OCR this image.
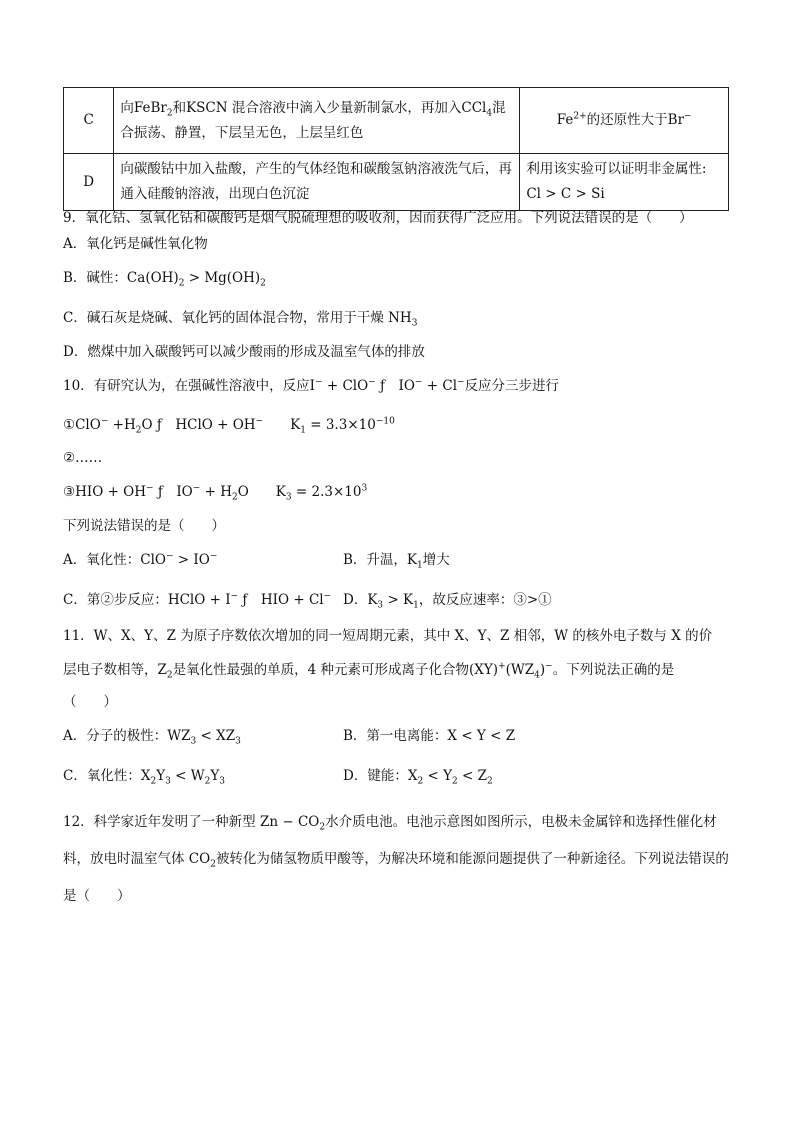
C	向FeBr$_2$和KSCN 混合溶液中滴入少量新制氯水，再加入CCl$_4$混合振荡、静置，下层呈无色，上层呈红色	$Fe^{2+}$的还原性大于Br−
D	向碳酸钴中加入盐酸，产生的气体经饱和碳酸氢钠溶液洗气后，再通入硅酸钠溶液，出现白色沉淀	利用该实验可以证明非金属性:
Cl > C > Si
9．氧化钴、氢氧化钴和碳酸钙是烟气脱硫理想的吸收剂，因而获得广泛应用。下列说法错误的是（　　）
A．氧化钙是碱性氧化物
B．碱性：$Ca(OH)_2 > Mg(OH)_2$
C．碱石灰是烧碱、氧化钙的固体混合物，常用于干燥 $NH_3$
D．燃煤中加入碳酸钙可以减少酸雨的形成及温室气体的排放
10．有研究认为，在强碱性溶液中，反应I− + ClO− ƒ　IO− + Cl−反应分三步进行
①ClO− $+H_2O$ ƒ　HClO + OH−　　$K_1 = 3.3\times 10^{-10}$
②……
③HIO + OH− ƒ　$IO^- + H_2O$　　$K_3 = 2.3\times 10^3$
下列说法错误的是（　　）
A．氧化性：ClO− > IO−	B．升温，$K_1$增大
C．第②步反应：HClO + I− ƒ　HIO + Cl− D．$K_3 > K_1$，故反应速率：③>①
11．W、X、Y、Z 为原子序数依次增加的同一短周期元素，其中 X、Y、Z 相邻，W 的核外电子数与 X 的价
层电子数相等，$Z_2$是氧化性最强的单质，4 种元素可形成离子化合物$(XY)^+(WZ_4)^-$。下列说法正确的是
（　　）
A．分子的极性：$WZ_3 < XZ_3$	B．第一电离能：X < Y < Z
C．氧化性：$X_2Y_3 < W_2Y_3$	D．键能：$X_2 < Y_2 < Z_2$
12．科学家近年发明了一种新型 $Zn - CO_2$水介质电池。电池示意图如图所示，电极未金属锌和选择性催化材料，放电时温室气体 $CO_2$被转化为储氢物质甲酸等，为解决环境和能源问题提供了一种新途径。下列说法错误的是（　　）
